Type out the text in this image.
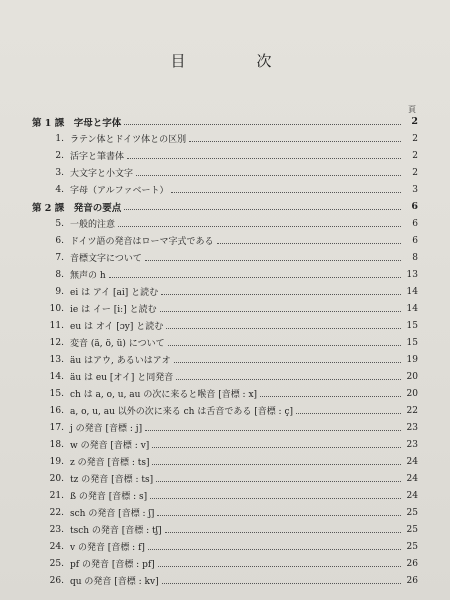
目　次
頁
第 1 課　字母と字体	2
1. ラテン体とドイツ体との区別	2
2. 活字と筆書体	2
3. 大文字と小文字	2
4. 字母（アルファベート）	3
第 2 課　発音の要点	6
5. 一般的注意	6
6. ドイツ語の発音はローマ字式である	6
7. 音標文字について	8
8. 無声の h	13
9. ei は アイ [ai] と読む	14
10. ie は イー [iː] と読む	14
11. eu は オイ [ɔy] と読む	15
12. 変音 (ä, ö, ü) について	15
13. äu はアウ, あるいはアオ	19
14. äu は eu [オイ] と同発音	20
15. ch は a, o, u, au の次に来ると喉音 [音標 : x]	20
16. a, o, u, au 以外の次に来る ch は舌音である [音標 : ç]	22
17. j の発音 [音標 : j]	23
18. w の発音 [音標 : v]	23
19. z の発音 [音標 : ts]	24
20. tz の発音 [音標 : ts]	24
21. ß の発音 [音標 : s]	24
22. sch の発音 [音標 : ʃ]	25
23. tsch の発音 [音標 : tʃ]	25
24. v の発音 [音標 : f]	25
25. pf の発音 [音標 : pf]	26
26. qu の発音 [音標 : kv]	26
